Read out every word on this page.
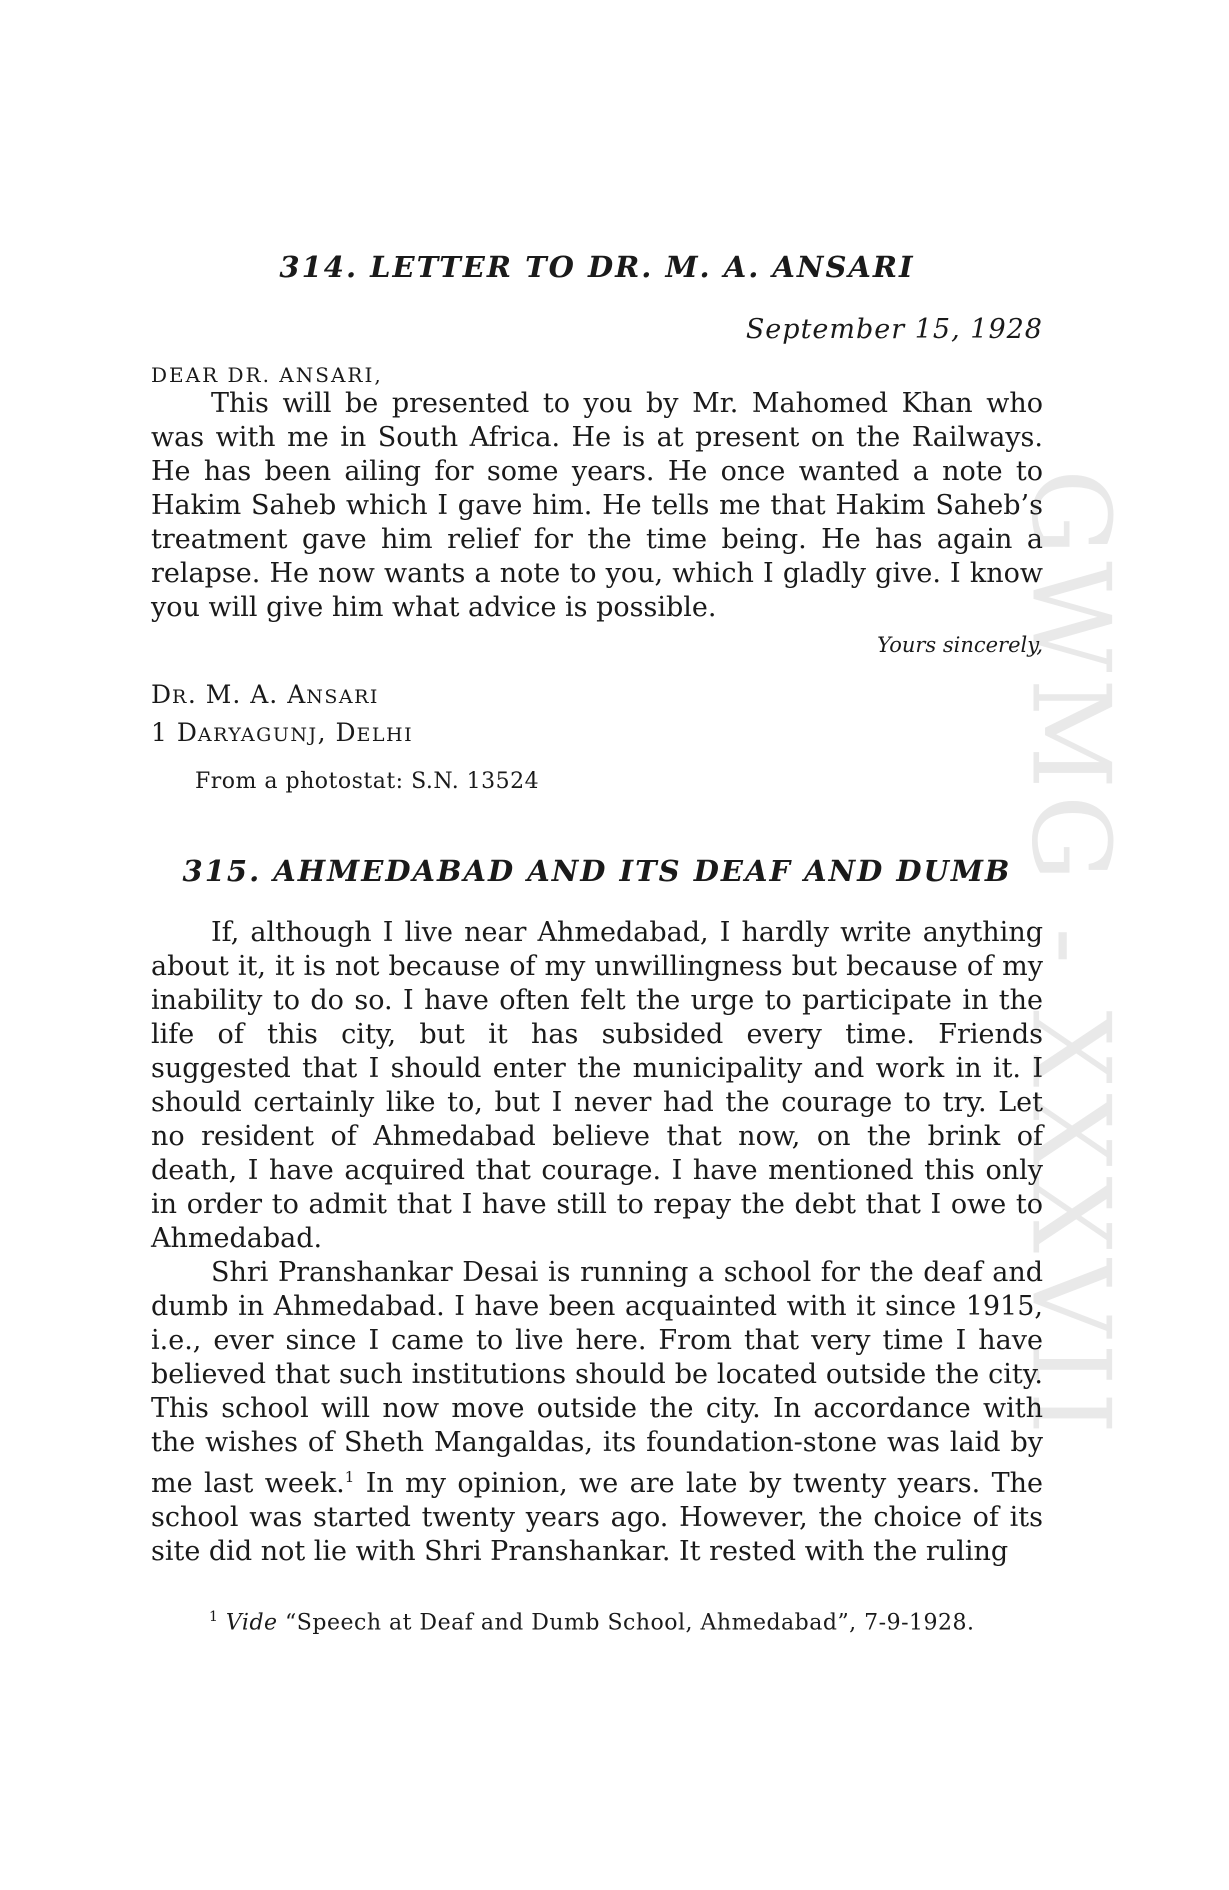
GWMG - XXXVII
314. LETTER TO DR. M. A. ANSARI
September 15, 1928
DEAR DR. ANSARI,

This will be presented to you by Mr. Mahomed Khan who was with me in South Africa. He is at present on the Railways. He has been ailing for some years. He once wanted a note to Hakim Saheb which I gave him. He tells me that Hakim Saheb’s treatment gave him relief for the time being. He has again a relapse. He now wants a note to you, which I gladly give. I know you will give him what advice is possible.

Yours sincerely,
DR. M. A. ANSARI
1 DARYAGUNJ, DELHI
From a photostat: S.N. 13524
315. AHMEDABAD AND ITS DEAF AND DUMB

If, although I live near Ahmedabad, I hardly write anything about it, it is not because of my unwillingness but because of my inability to do so. I have often felt the urge to participate in the life of this city, but it has subsided every time. Friends suggested that I should enter the municipality and work in it. I should certainly like to, but I never had the courage to try. Let no resident of Ahmedabad believe that now, on the brink of death, I have acquired that courage. I have mentioned this only in order to admit that I have still to repay the debt that I owe to Ahmedabad.

Shri Pranshankar Desai is running a school for the deaf and dumb in Ahmedabad. I have been acquainted with it since 1915, i.e., ever since I came to live here. From that very time I have believed that such institutions should be located outside the city. This school will now move outside the city. In accordance with the wishes of Sheth Mangaldas, its foundation-stone was laid by me last week.$^1$ In my opinion, we are late by twenty years. The school was started twenty years ago. However, the choice of its site did not lie with Shri Pranshankar. It rested with the ruling

$^1$ Vide “Speech at Deaf and Dumb School, Ahmedabad”, 7-9-1928.
